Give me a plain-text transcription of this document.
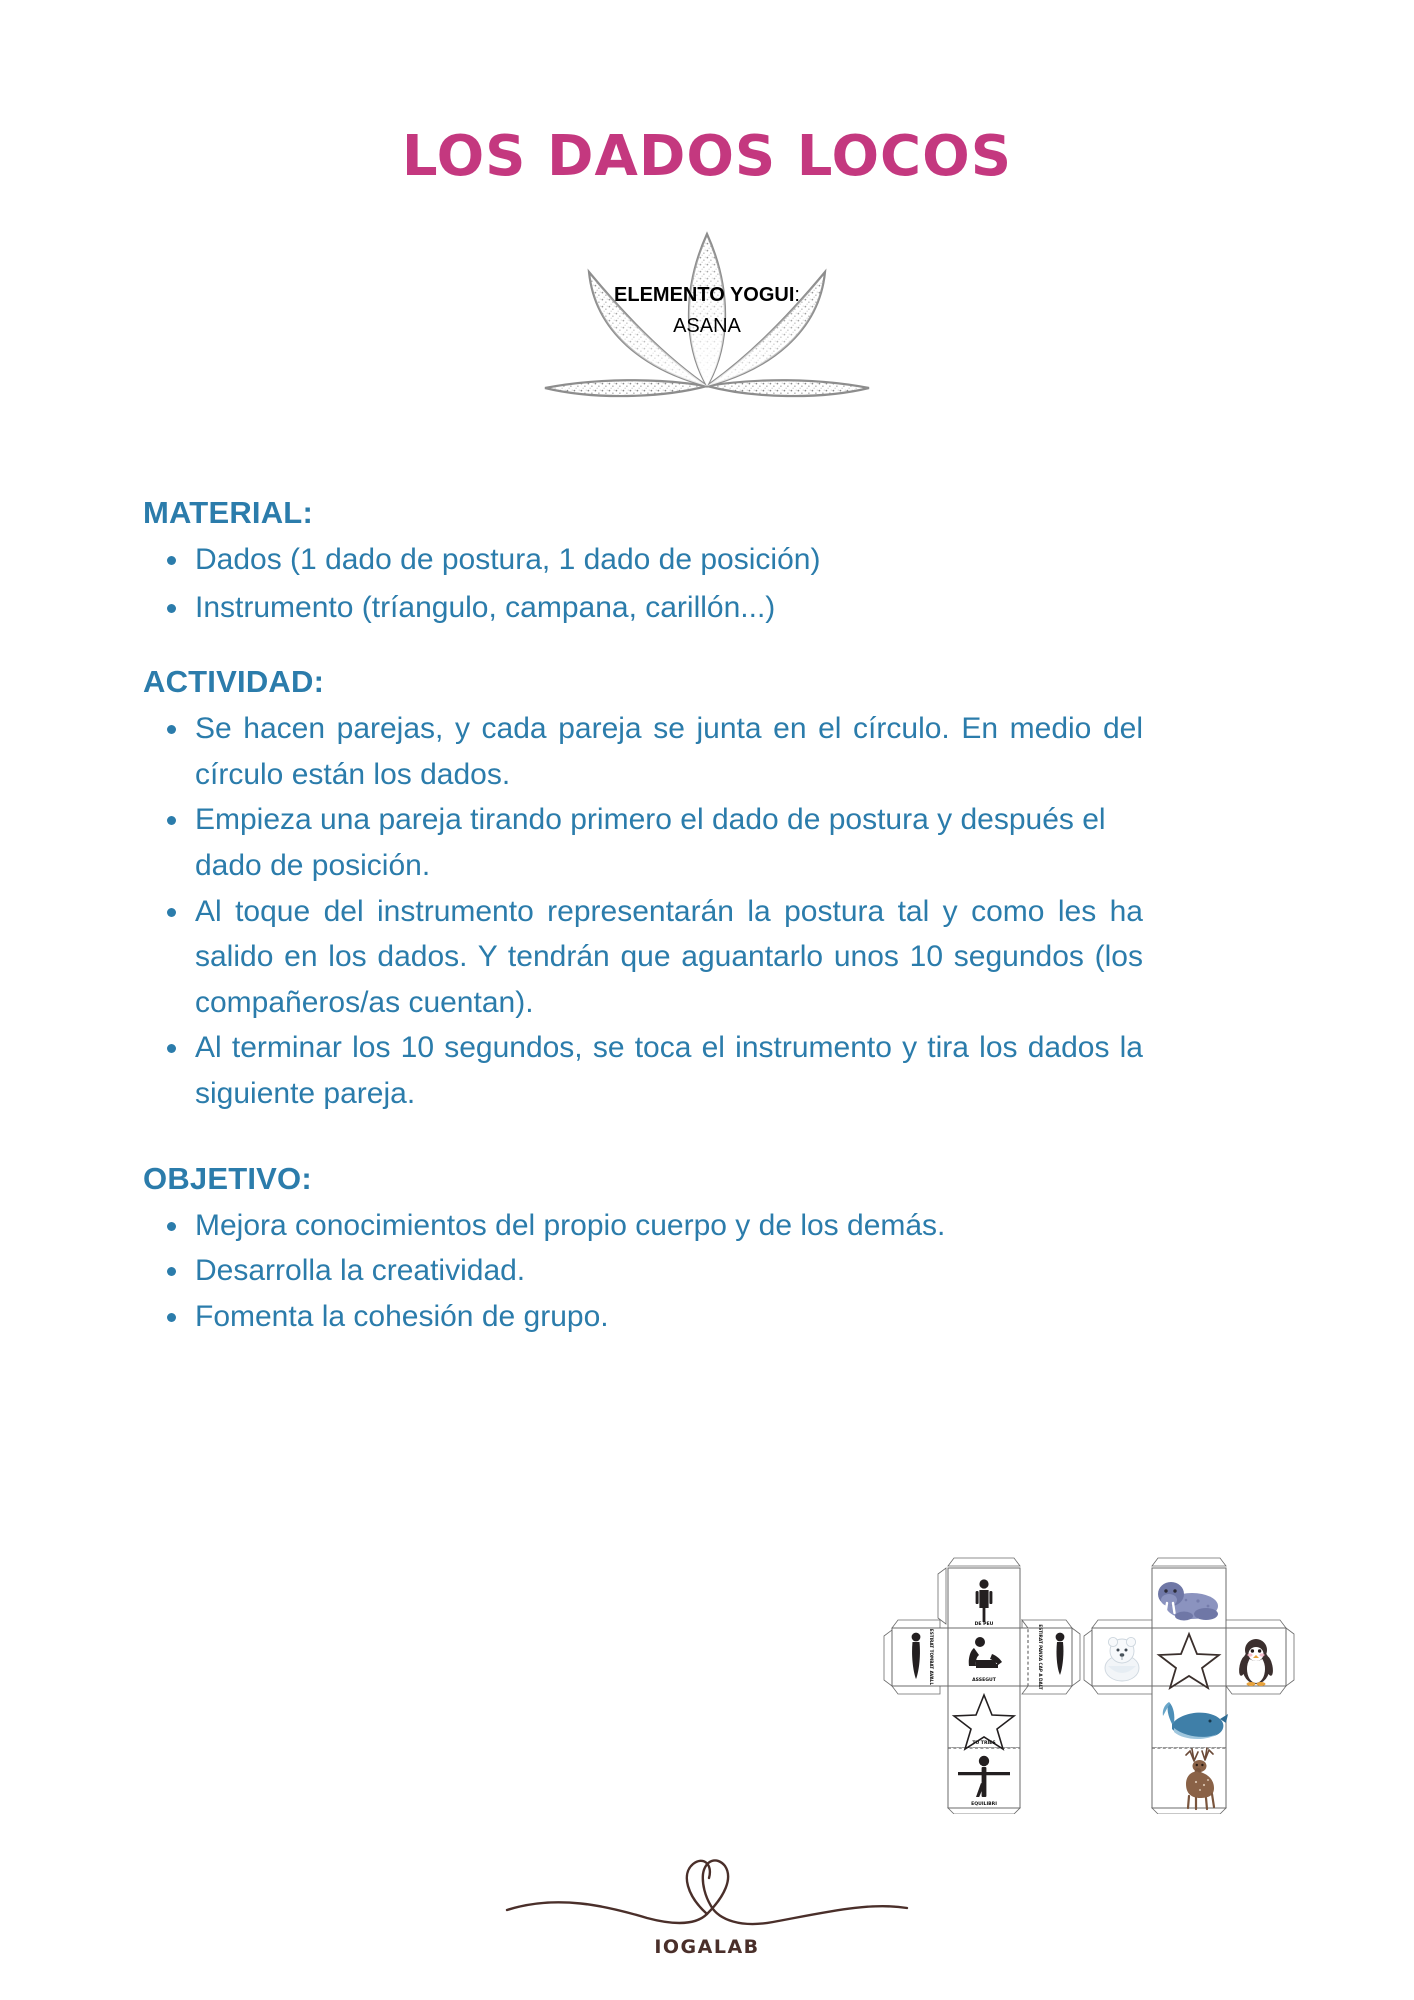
LOS DADOS LOCOS
ELEMENTO YOGUI:
ASANA
MATERIAL:
Dados (1 dado de postura, 1 dado de posición)
Instrumento (tríangulo, campana, carillón...)
ACTIVIDAD:
Se hacen parejas, y cada pareja se junta en el círculo. En medio del círculo están los dados.
Empieza una pareja tirando primero el dado de postura y después el dado de posición.
Al toque del instrumento representarán la postura tal y como les ha salido en los dados. Y tendrán que aguantarlo unos 10 segundos (los compañeros/as cuentan).
Al terminar los 10 segundos, se toca el instrumento y tira los dados la siguiente pareja.
OBJETIVO:
Mejora conocimientos del propio cuerpo y de los demás.
Desarrolla la creatividad.
Fomenta la cohesión de grupo.
DE PEU
ESTIRAT TOMBAT AVALL	ASSEGUT	ESTIRAT PANXA CAP A DALT
TU TRIES
EQUILIBRI
IOGALAB
